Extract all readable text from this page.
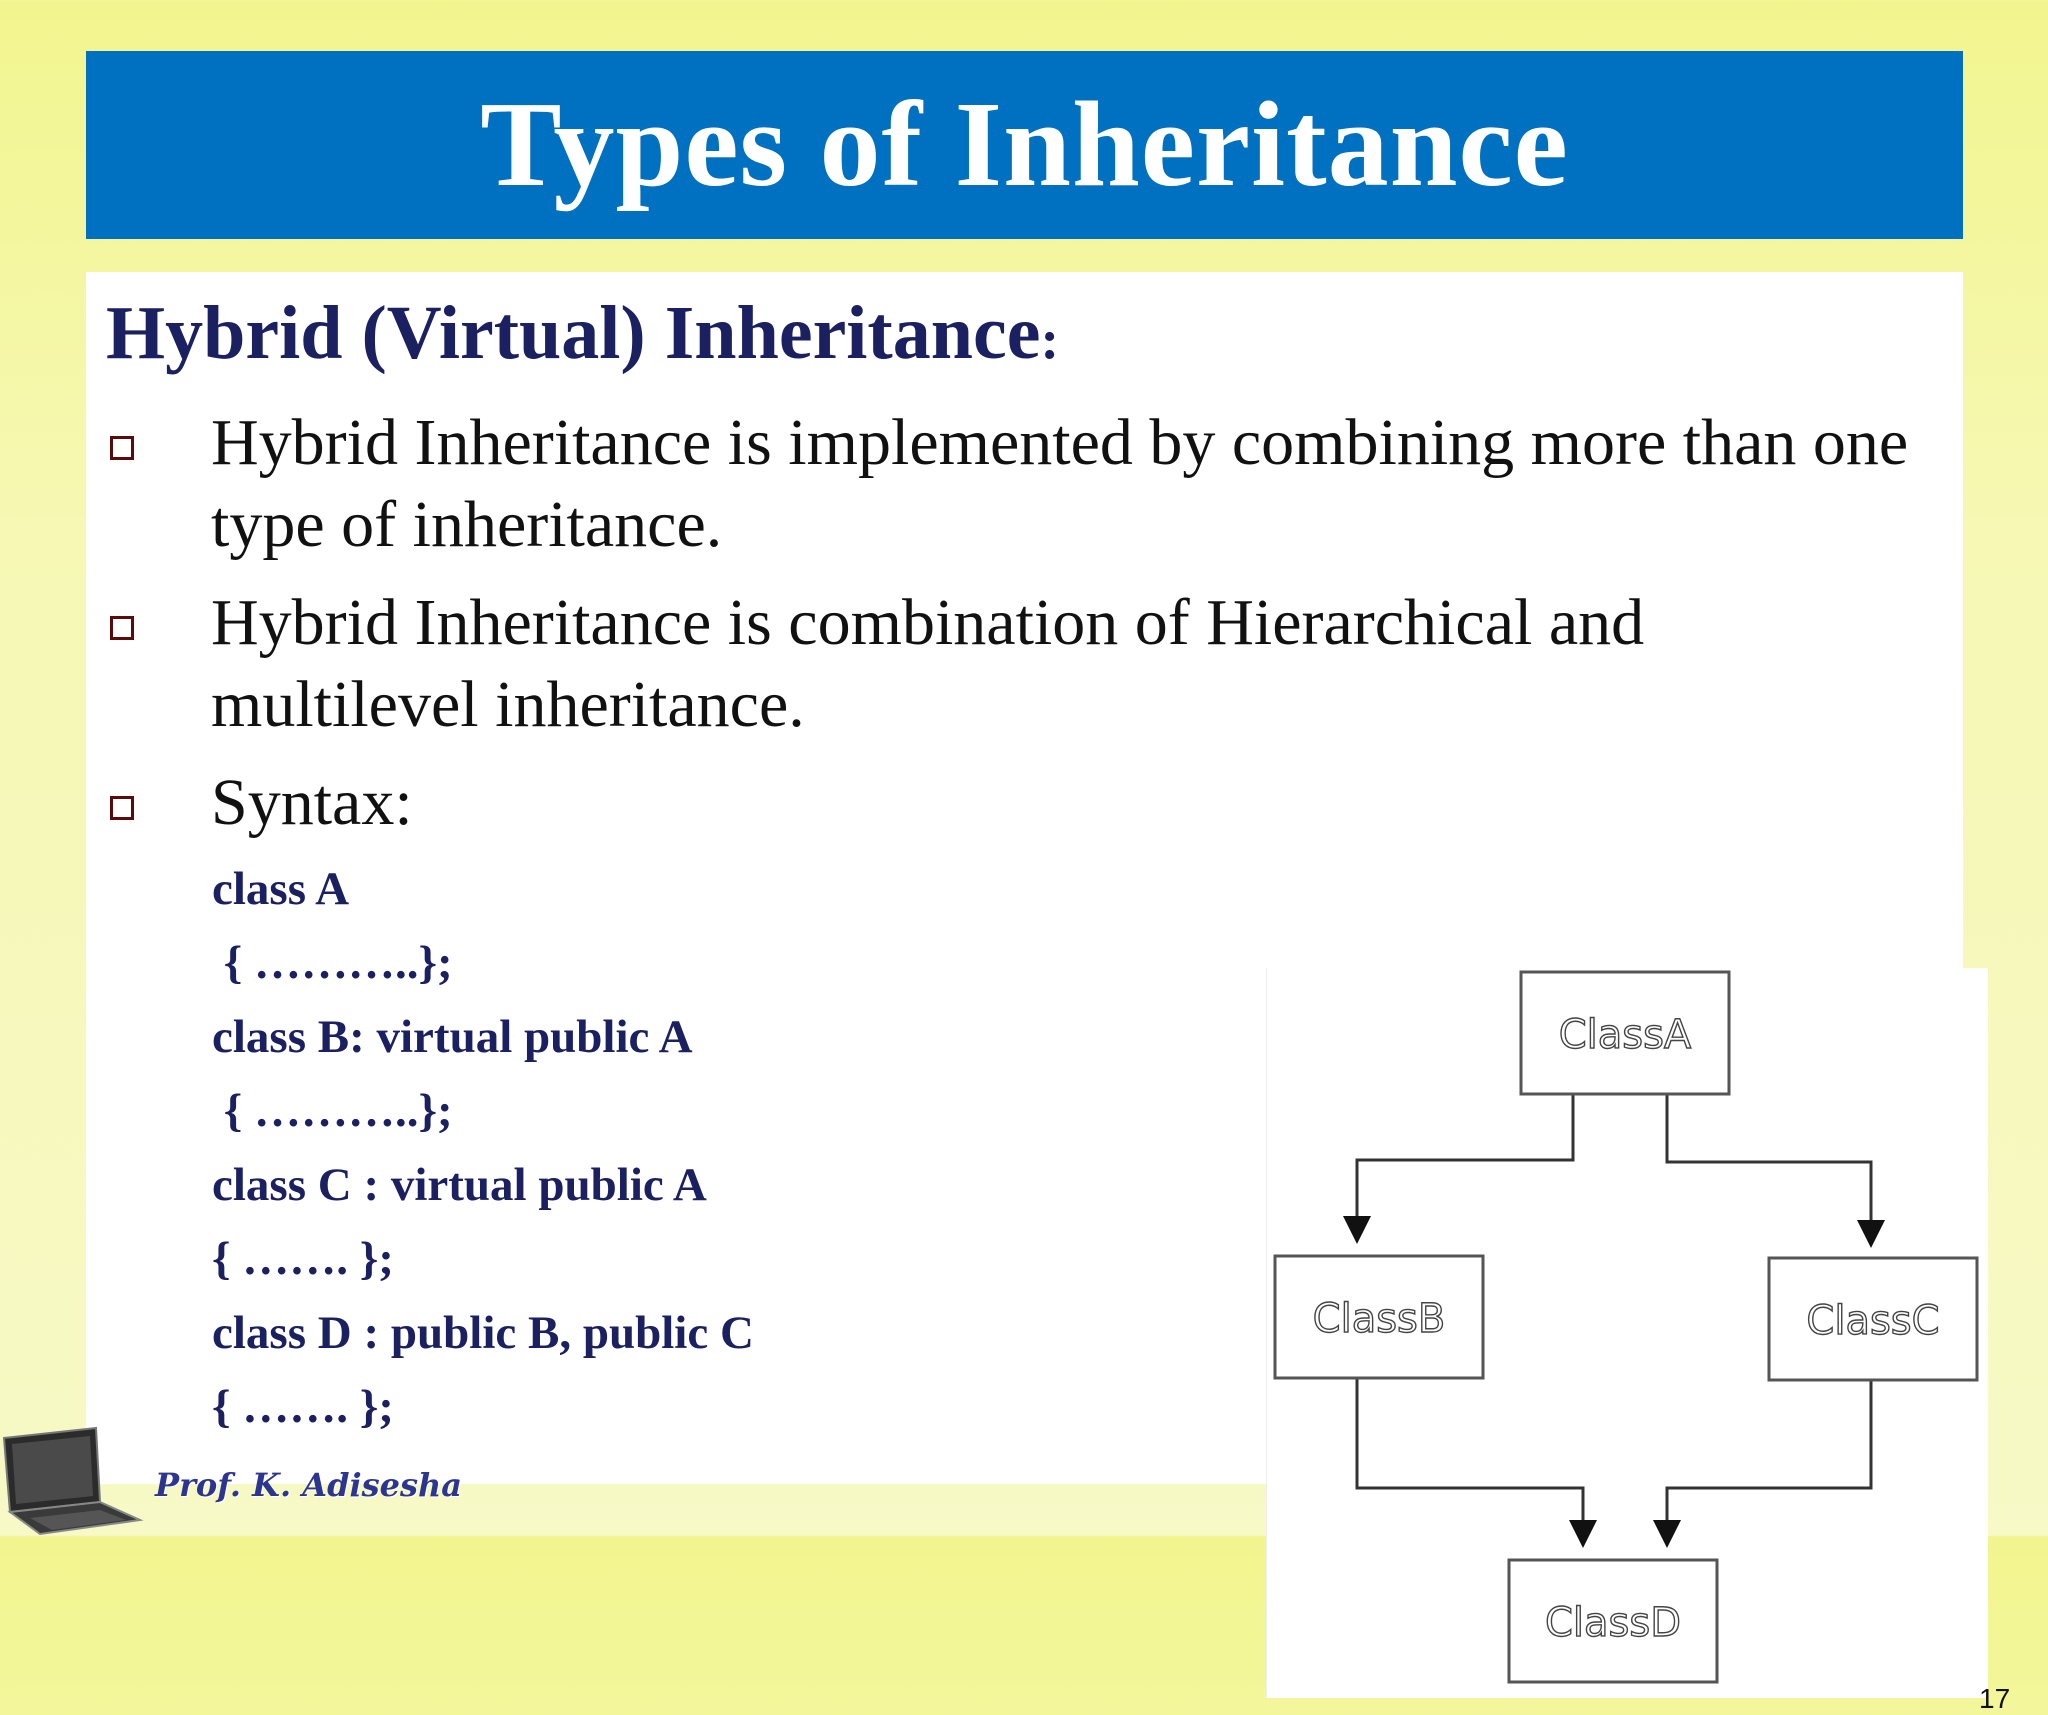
Types of Inheritance
Hybrid (Virtual) Inheritance:
Hybrid Inheritance is implemented by combining more than one type of inheritance.
Hybrid Inheritance is combination of Hierarchical and multilevel inheritance.
Syntax:
class A
{ ………..};
class B: virtual public A
{ ………..};
class C : virtual public A
{ ……. };
class D : public B, public C
{ ……. };
ClassA
ClassB	ClassC
ClassD
17
Prof. K. Adisesha
